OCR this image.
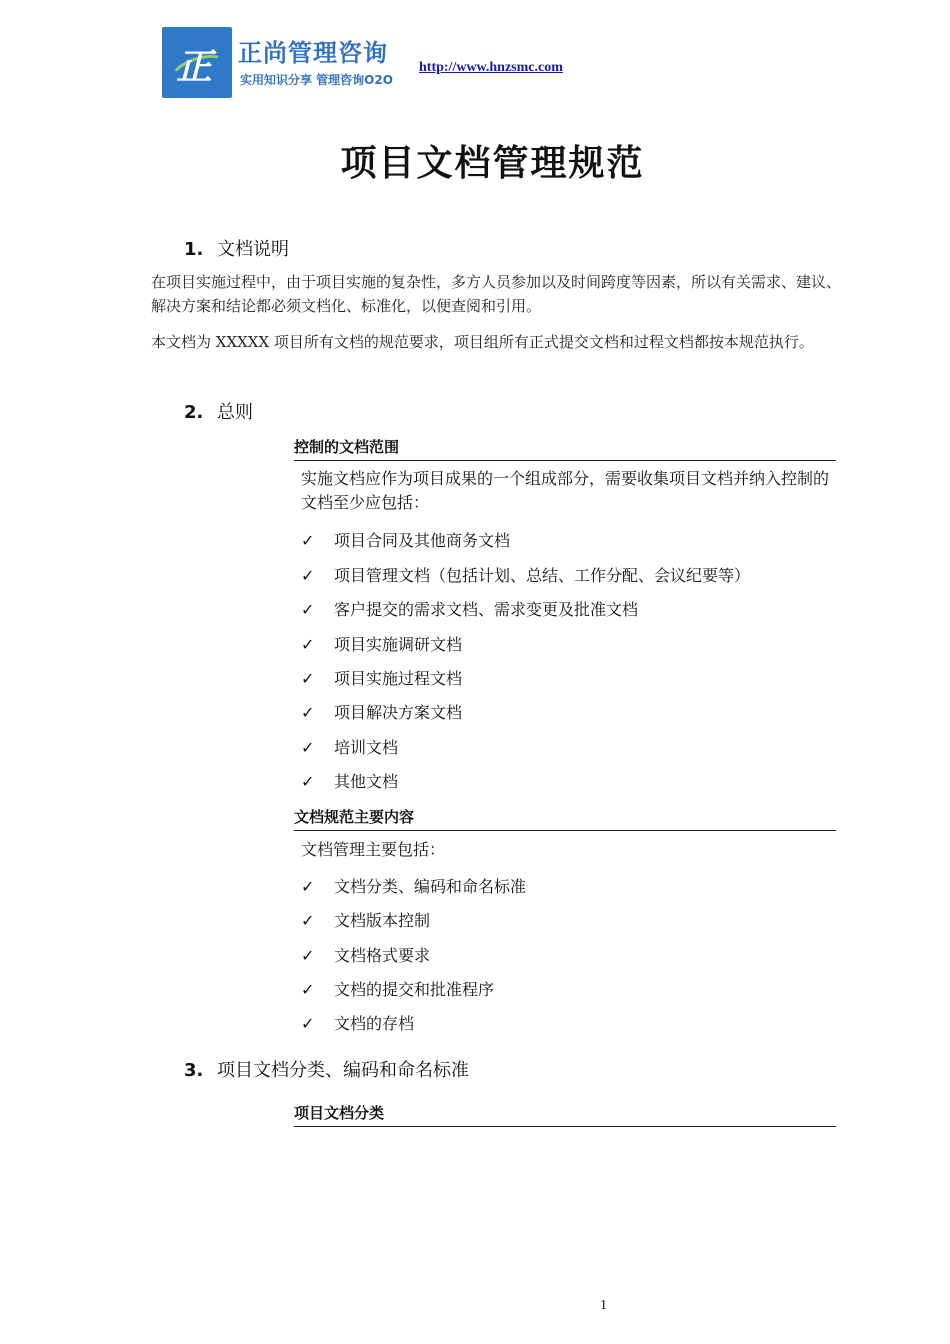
正 正尚管理咨询
实用知识分享 管理咨询O2O
http://www.hnzsmc.com
项目文档管理规范
1. 文档说明
在项目实施过程中，由于项目实施的复杂性，多方人员参加以及时间跨度等因素，所以有关需求、建议、解决方案和结论都必须文档化、标准化，以便查阅和引用。
本文档为 XXXXX 项目所有文档的规范要求，项目组所有正式提交文档和过程文档都按本规范执行。
2. 总则
控制的文档范围
实施文档应作为项目成果的一个组成部分，需要收集项目文档并纳入控制的文档至少应包括：
✓ 项目合同及其他商务文档
✓ 项目管理文档（包括计划、总结、工作分配、会议纪要等）
✓ 客户提交的需求文档、需求变更及批准文档
✓ 项目实施调研文档
✓ 项目实施过程文档
✓ 项目解决方案文档
✓ 培训文档
✓ 其他文档
文档规范主要内容
文档管理主要包括：
✓ 文档分类、编码和命名标准
✓ 文档版本控制
✓ 文档格式要求
✓ 文档的提交和批准程序
✓ 文档的存档
3. 项目文档分类、编码和命名标准
项目文档分类
1
